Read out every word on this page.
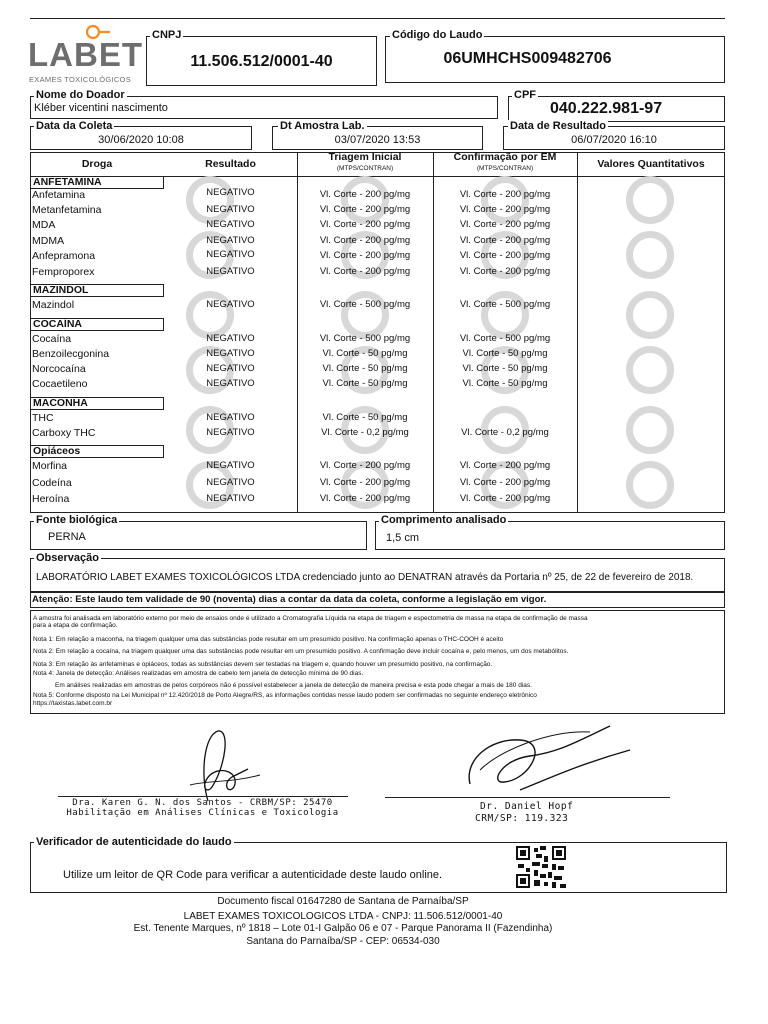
LABET
EXAMES TOXICOLÓGICOS
CNPJ
11.506.512/0001-40
Código do Laudo
06UMHCHS009482706
Nome do Doador
Kléber vicentini nascimento
CPF
040.222.981-97
Data da Coleta
30/06/2020 10:08
Dt Amostra Lab.
03/07/2020 13:53
Data de Resultado
06/07/2020 16:10
Droga	Resultado
Triagem Inicial
(MTPS/CONTRAN)
Confirmação por EM
(MTPS/CONTRAN)	Valores Quantitativos
ANFETAMINA
MAZINDOL
COCAÍNA
MACONHA
Opiáceos
Anfetamina	NEGATIVO	Vl. Corte - 200 pg/mg	Vl. Corte - 200 pg/mg
Metanfetamina	NEGATIVO	Vl. Corte - 200 pg/mg	Vl. Corte - 200 pg/mg
MDA	NEGATIVO	Vl. Corte - 200 pg/mg	Vl. Corte - 200 pg/mg
MDMA	NEGATIVO	Vl. Corte - 200 pg/mg	Vl. Corte - 200 pg/mg
Anfepramona	NEGATIVO	Vl. Corte - 200 pg/mg	Vl. Corte - 200 pg/mg
Femproporex	NEGATIVO	Vl. Corte - 200 pg/mg	Vl. Corte - 200 pg/mg
Mazindol	NEGATIVO	Vl. Corte - 500 pg/mg	Vl. Corte - 500 pg/mg
Cocaína	NEGATIVO	Vl. Corte - 500 pg/mg	Vl. Corte - 500 pg/mg
Benzoilecgonina	NEGATIVO	Vl. Corte - 50 pg/mg	Vl. Corte - 50 pg/mg
Norcocaína	NEGATIVO	Vl. Corte - 50 pg/mg	Vl. Corte - 50 pg/mg
Cocaetileno	NEGATIVO	Vl. Corte - 50 pg/mg	Vl. Corte - 50 pg/mg
THC	NEGATIVO	Vl. Corte - 50 pg/mg
Carboxy THC	NEGATIVO	Vl. Corte - 0,2 pg/mg	Vl. Corte - 0,2 pg/mg
Morfina	NEGATIVO	Vl. Corte - 200 pg/mg	Vl. Corte - 200 pg/mg
Codeína	NEGATIVO	Vl. Corte - 200 pg/mg	Vl. Corte - 200 pg/mg
Heroína	NEGATIVO	Vl. Corte - 200 pg/mg	Vl. Corte - 200 pg/mg
Fonte biológica
PERNA
Comprimento analisado
1,5 cm
Observação
LABORATÓRIO LABET EXAMES TOXICOLÓGICOS LTDA credenciado junto ao DENATRAN através da Portaria nº 25, de 22 de fevereiro de 2018.
Atenção: Este laudo tem validade de 90 (noventa) dias a contar da data da coleta, conforme a legislação em vigor.
A amostra foi analisada em laboratório externo por meio de ensaios onde é utilizado a Cromatografia Líquida na etapa de triagem e espectometria de massa na etapa de confirmação de massa
para a etapa de confirmação.
Nota 1: Em relação a maconha, na triagem qualquer uma das substâncias pode resultar em um presumido positivo. Na confirmação apenas o THC-COOH é aceito
Nota 2: Em relação a cocaína, na triagem qualquer uma das substâncias pode resultar em um presumido positivo. A confirmação deve incluir cocaína e, pelo menos, um dos metabólitos.
Nota 3: Em relação às anfetaminas e opiáceos, todas as substâncias devem ser testadas na triagem e, quando houver um presumido positivo, na confirmação.
Nota 4: Janela de detecção: Análises realizadas em amostra de cabelo tem janela de detecção mínima de 90 dias.
Em análises realizadas em amostras de pelos corpóreos não é possível estabelecer a janela de detecção de maneira precisa e esta pode chegar a mais de 180 dias.
Nota 5: Conforme disposto na Lei Municipal nº 12.420/2018 de Porto Alegre/RS, as informações contidas nesse laudo podem ser confirmadas no seguinte endereço eletrônico
https://taxistas.labet.com.br
Dra. Karen G. N. dos Santos - CRBM/SP: 25470
Habilitação em Análises Clínicas e Toxicologia
Dr. Daniel Hopf
CRM/SP: 119.323
Verificador de autenticidade do laudo
Utilize um leitor de QR Code para verificar a autenticidade deste laudo online.
Documento fiscal 01647280 de Santana de Parnaíba/SP
LABET EXAMES TOXICOLOGICOS LTDA - CNPJ: 11.506.512/0001-40
Est. Tenente Marques, nº 1818 – Lote 01-I Galpão 06 e 07 - Parque Panorama II (Fazendinha)
Santana do Parnaíba/SP - CEP: 06534-030
